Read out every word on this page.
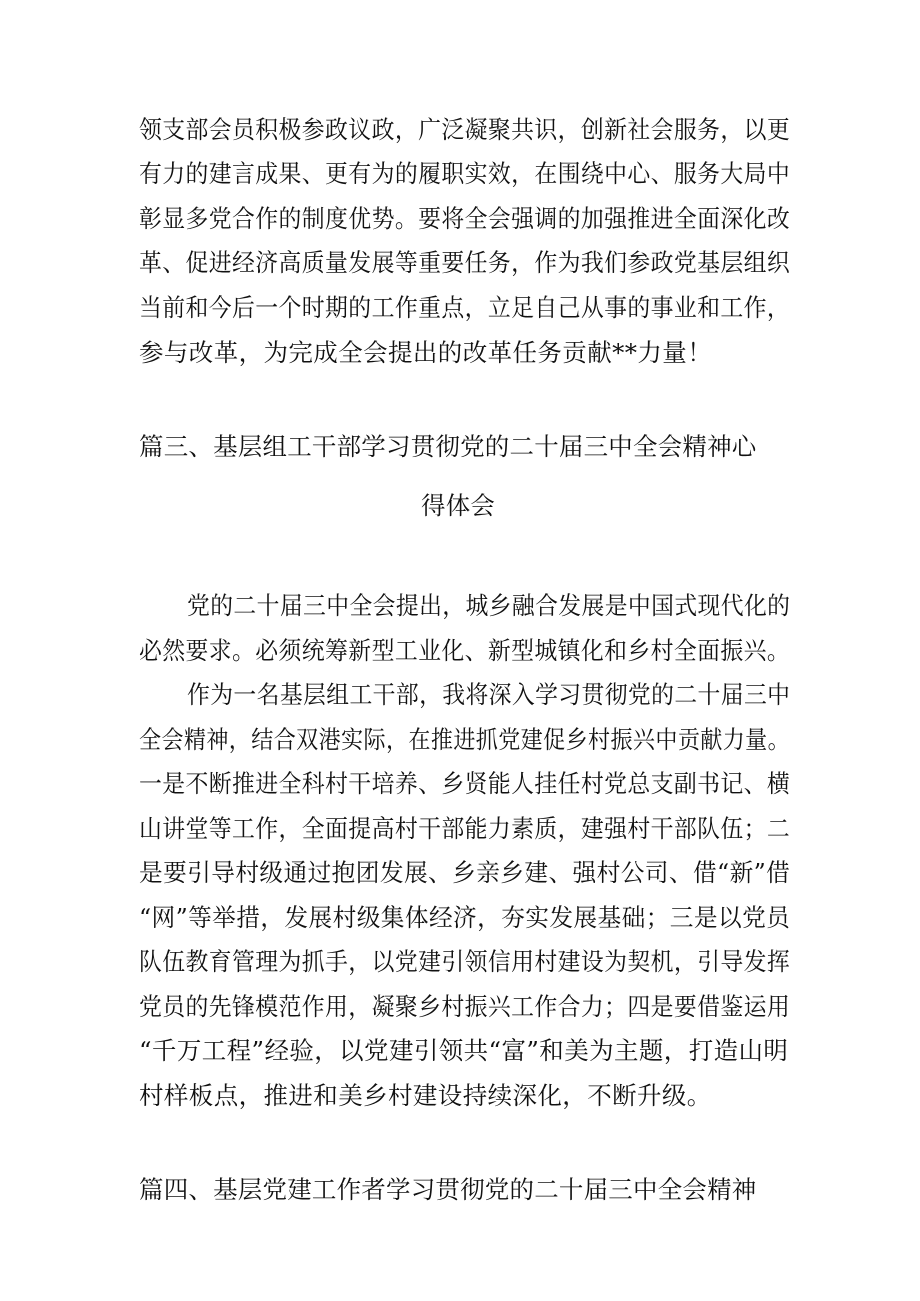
领支部会员积极参政议政，广泛凝聚共识，创新社会服务，以更
有力的建言成果、更有为的履职实效，在围绕中心、服务大局中
彰显多党合作的制度优势。要将全会强调的加强推进全面深化改
革、促进经济高质量发展等重要任务，作为我们参政党基层组织
当前和今后一个时期的工作重点，立足自己从事的事业和工作，
参与改革，为完成全会提出的改革任务贡献**力量！
篇三、基层组工干部学习贯彻党的二十届三中全会精神心
得体会
党的二十届三中全会提出，城乡融合发展是中国式现代化的
必然要求。必须统筹新型工业化、新型城镇化和乡村全面振兴。
作为一名基层组工干部，我将深入学习贯彻党的二十届三中
全会精神，结合双港实际，在推进抓党建促乡村振兴中贡献力量。
一是不断推进全科村干培养、乡贤能人挂任村党总支副书记、横
山讲堂等工作，全面提高村干部能力素质，建强村干部队伍；二
是要引导村级通过抱团发展、乡亲乡建、强村公司、借“新”借
“网”等举措，发展村级集体经济，夯实发展基础；三是以党员
队伍教育管理为抓手，以党建引领信用村建设为契机，引导发挥
党员的先锋模范作用，凝聚乡村振兴工作合力；四是要借鉴运用
“千万工程”经验，以党建引领共“富”和美为主题，打造山明
村样板点，推进和美乡村建设持续深化，不断升级。
篇四、基层党建工作者学习贯彻党的二十届三中全会精神
